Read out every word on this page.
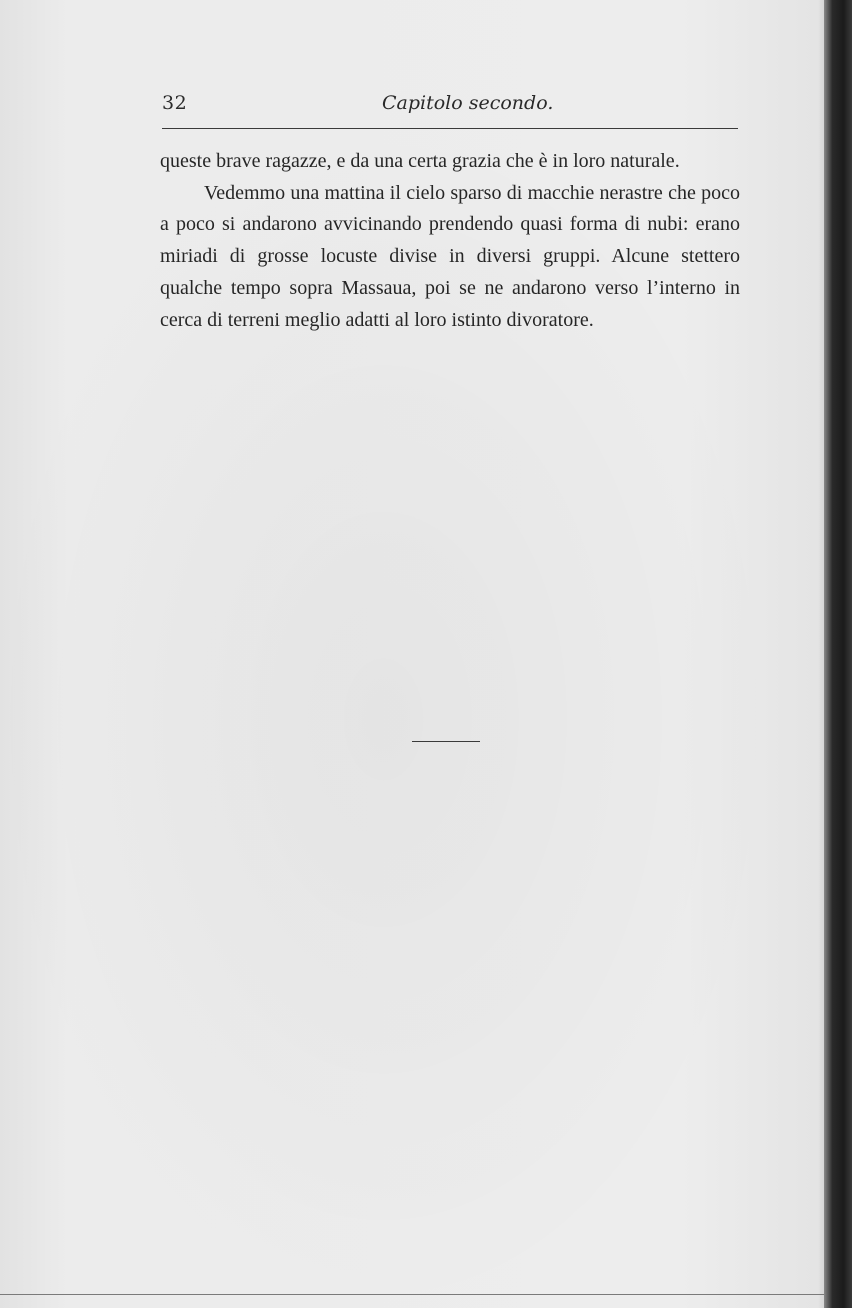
32	Capitolo secondo.

queste brave ragazze, e da una certa grazia che è in loro naturale.

Vedemmo una mattina il cielo sparso di macchie nerastre che poco a poco si andarono avvicinando prendendo quasi forma di nubi: erano miriadi di grosse locuste divise in diversi gruppi. Alcune stettero qualche tempo sopra Massaua, poi se ne andarono verso l’interno in cerca di terreni meglio adatti al loro istinto divoratore.
